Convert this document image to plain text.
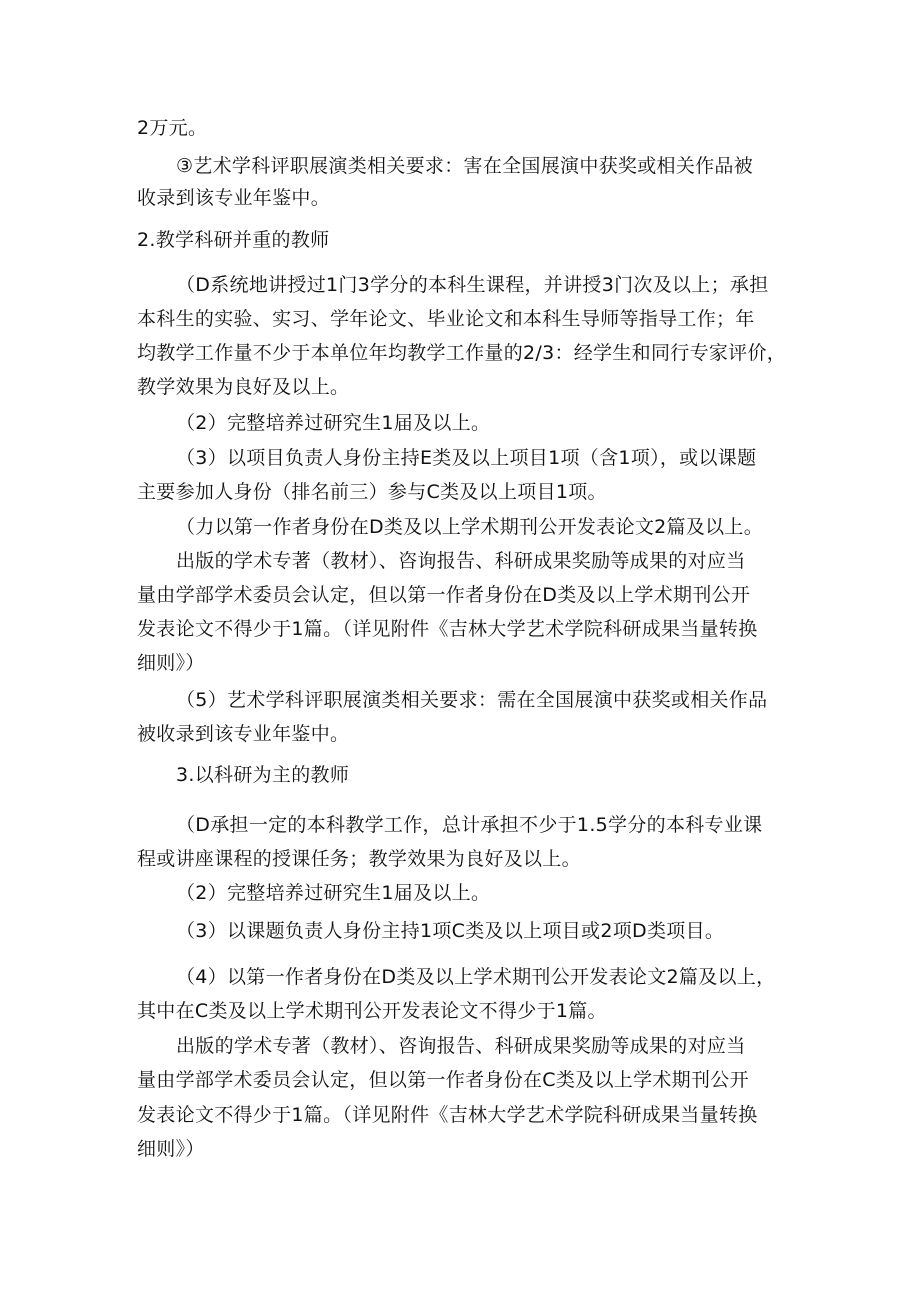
2万元。
③艺术学科评职展演类相关要求：害在全国展演中获奖或相关作品被
收录到该专业年鉴中。
2.教学科研并重的教师
（D系统地讲授过1门3学分的本科生课程，并讲授3门次及以上；承担
本科生的实验、实习、学年论文、毕业论文和本科生导师等指导工作；年
均教学工作量不少于本单位年均教学工作量的2/3：经学生和同行专家评价，
教学效果为良好及以上。
（2）完整培养过研究生1届及以上。
（3）以项目负责人身份主持E类及以上项目1项（含1项），或以课题
主要参加人身份（排名前三）参与C类及以上项目1项。
（力以第一作者身份在D类及以上学术期刊公开发表论文2篇及以上。
出版的学术专著（教材）、咨询报告、科研成果奖励等成果的对应当
量由学部学术委员会认定，但以第一作者身份在D类及以上学术期刊公开
发表论文不得少于1篇。（详见附件《吉林大学艺术学院科研成果当量转换
细则》）
（5）艺术学科评职展演类相关要求：需在全国展演中获奖或相关作品
被收录到该专业年鉴中。
3.以科研为主的教师
（D承担一定的本科教学工作，总计承担不少于1.5学分的本科专业课
程或讲座课程的授课任务；教学效果为良好及以上。
（2）完整培养过研究生1届及以上。
（3）以课题负责人身份主持1项C类及以上项目或2项D类项目。
（4）以第一作者身份在D类及以上学术期刊公开发表论文2篇及以上，
其中在C类及以上学术期刊公开发表论文不得少于1篇。
出版的学术专著（教材）、咨询报告、科研成果奖励等成果的对应当
量由学部学术委员会认定，但以第一作者身份在C类及以上学术期刊公开
发表论文不得少于1篇。（详见附件《吉林大学艺术学院科研成果当量转换
细则》）
